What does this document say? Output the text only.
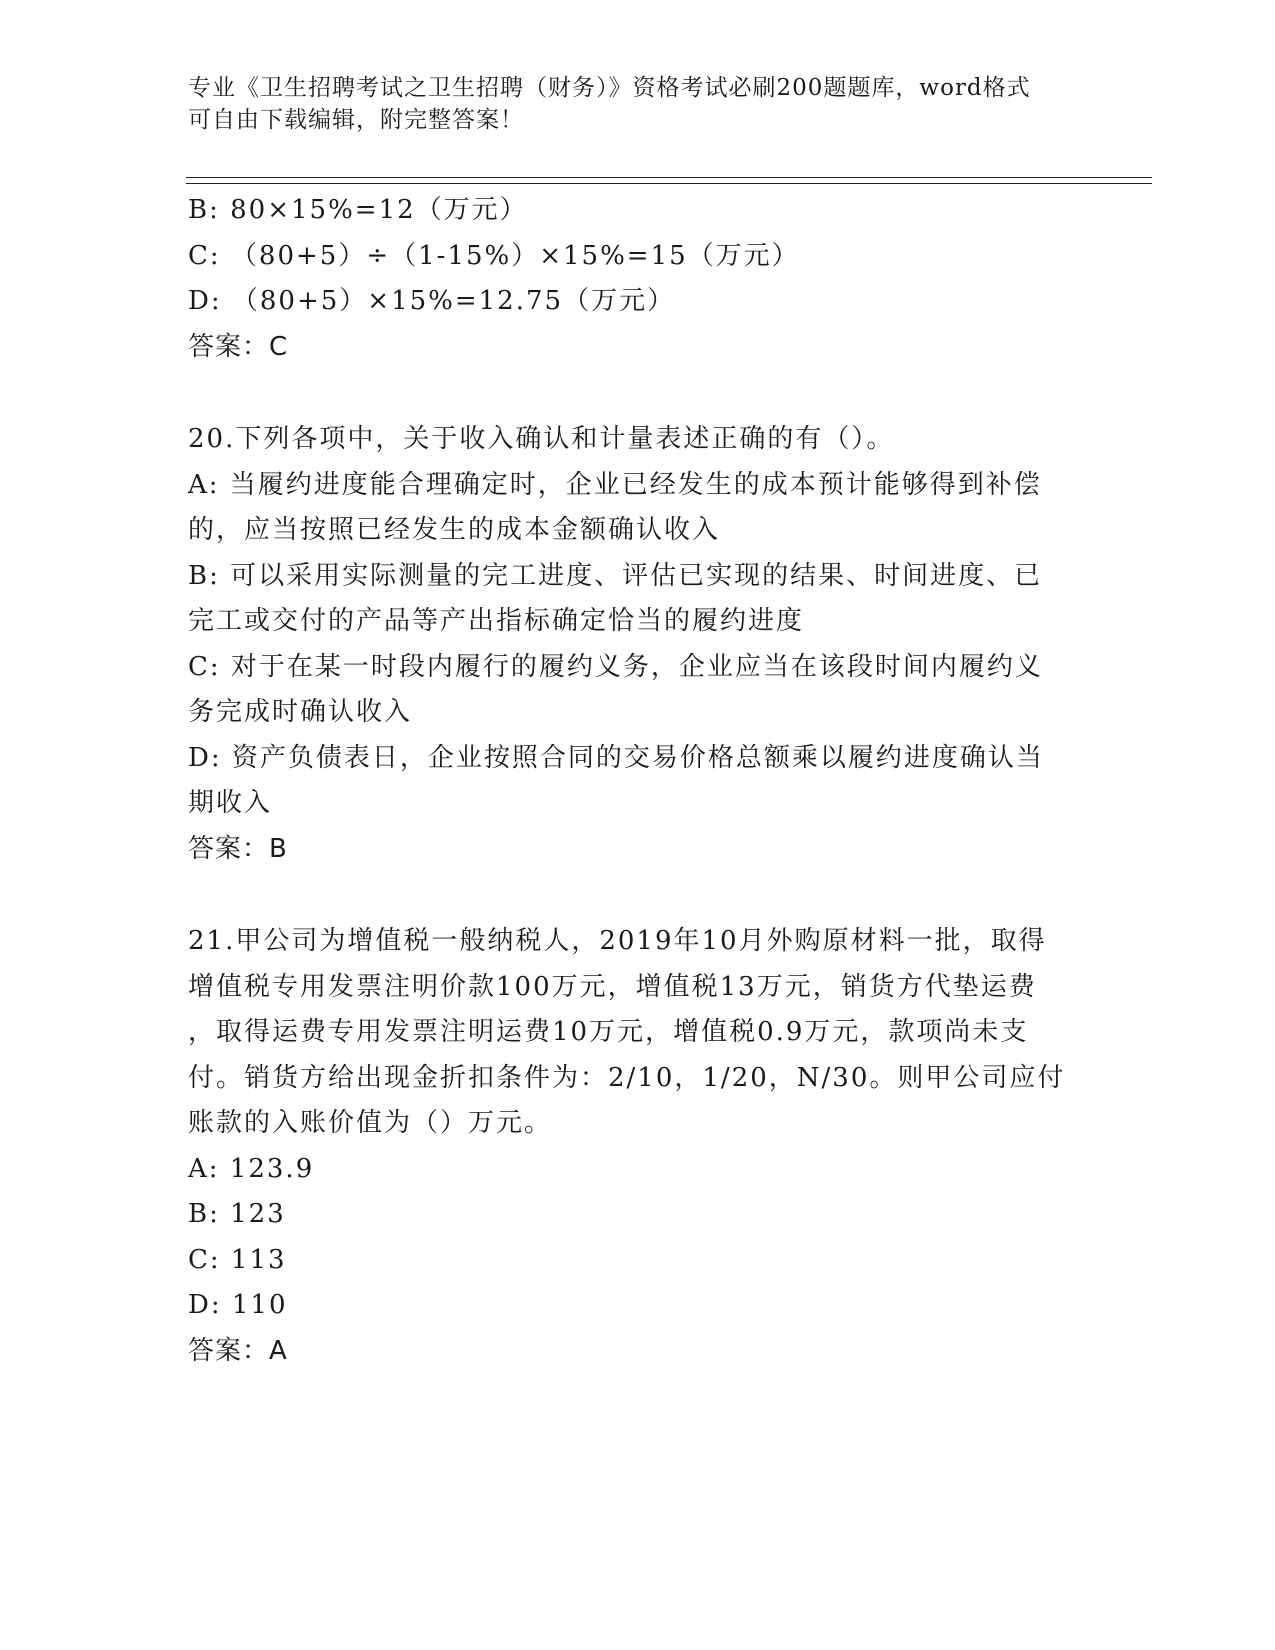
专业《卫生招聘考试之卫生招聘（财务）》资格考试必刷200题题库，word格式
可自由下载编辑，附完整答案！
B: 80×15%=12（万元）
C: （80+5）÷（1-15%）×15%=15（万元）
D: （80+5）×15%=12.75（万元）
答案：C
20.下列各项中，关于收入确认和计量表述正确的有（）。
A: 当履约进度能合理确定时，企业已经发生的成本预计能够得到补偿
的，应当按照已经发生的成本金额确认收入
B: 可以采用实际测量的完工进度、评估已实现的结果、时间进度、已
完工或交付的产品等产出指标确定恰当的履约进度
C: 对于在某一时段内履行的履约义务，企业应当在该段时间内履约义
务完成时确认收入
D: 资产负债表日，企业按照合同的交易价格总额乘以履约进度确认当
期收入
答案：B
21.甲公司为增值税一般纳税人，2019年10月外购原材料一批，取得
增值税专用发票注明价款100万元，增值税13万元，销货方代垫运费
，取得运费专用发票注明运费10万元，增值税0.9万元，款项尚未支
付。销货方给出现金折扣条件为：2/10，1/20，N/30。则甲公司应付
账款的入账价值为（）万元。
A: 123.9
B: 123
C: 113
D: 110
答案：A
